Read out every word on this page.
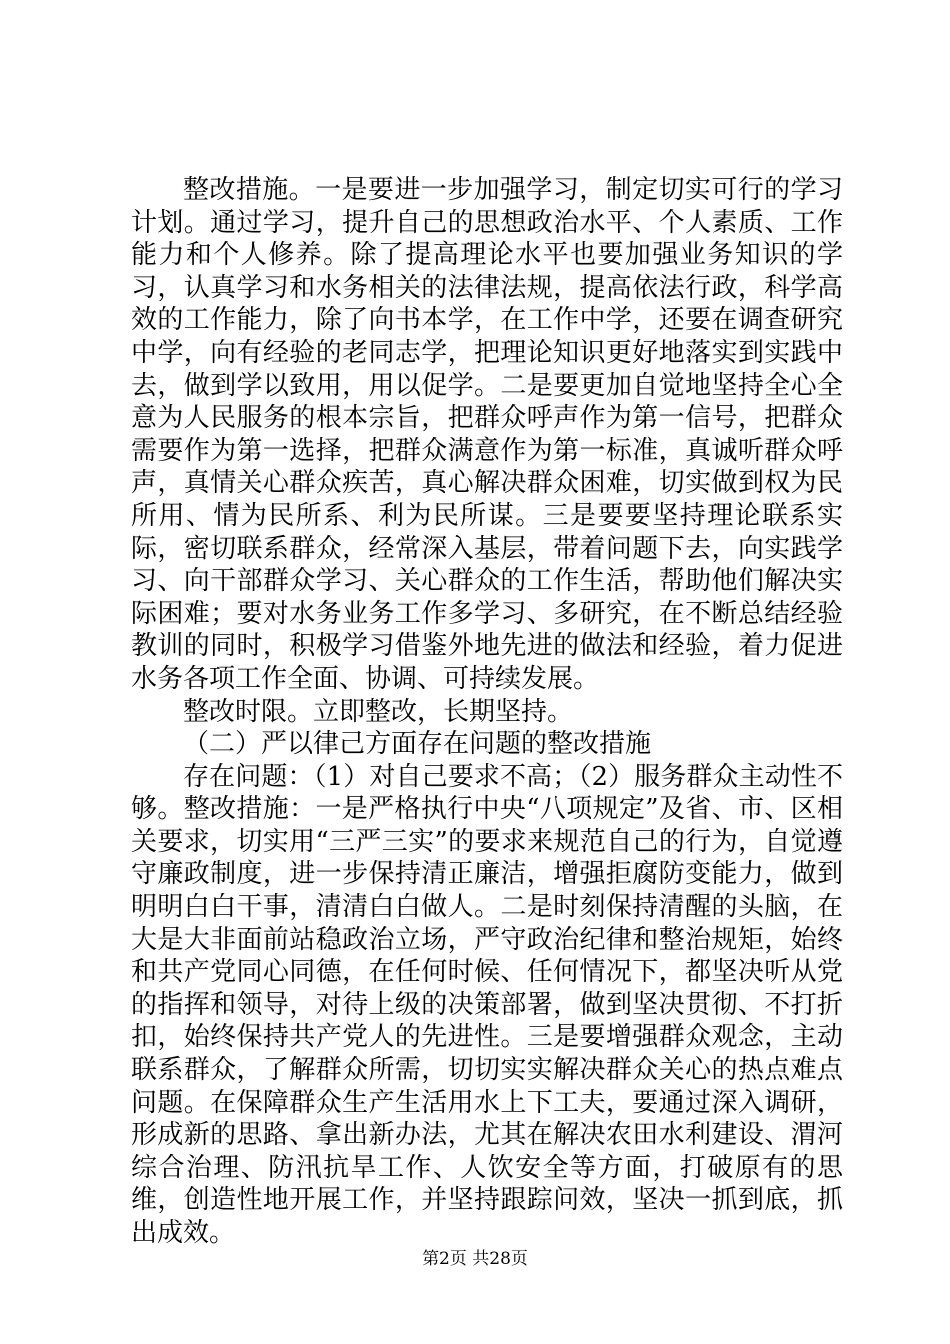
整改措施。一是要进一步加强学习，制定切实可行的学习计划。通过学习，提升自己的思想政治水平、个人素质、工作能力和个人修养。除了提高理论水平也要加强业务知识的学习，认真学习和水务相关的法律法规，提高依法行政，科学高效的工作能力，除了向书本学，在工作中学，还要在调查研究中学，向有经验的老同志学，把理论知识更好地落实到实践中去，做到学以致用，用以促学。二是要更加自觉地坚持全心全意为人民服务的根本宗旨，把群众呼声作为第一信号，把群众需要作为第一选择，把群众满意作为第一标准，真诚听群众呼声，真情关心群众疾苦，真心解决群众困难，切实做到权为民所用、情为民所系、利为民所谋。三是要要坚持理论联系实际，密切联系群众，经常深入基层，带着问题下去，向实践学习、向干部群众学习、关心群众的工作生活，帮助他们解决实际困难；要对水务业务工作多学习、多研究，在不断总结经验教训的同时，积极学习借鉴外地先进的做法和经验，着力促进水务各项工作全面、协调、可持续发展。

整改时限。立即整改，长期坚持。

（二）严以律己方面存在问题的整改措施

存在问题：（1）对自己要求不高；（2）服务群众主动性不够。整改措施：一是严格执行中央“八项规定”及省、市、区相关要求，切实用“三严三实”的要求来规范自己的行为，自觉遵守廉政制度，进一步保持清正廉洁，增强拒腐防变能力，做到明明白白干事，清清白白做人。二是时刻保持清醒的头脑，在大是大非面前站稳政治立场，严守政治纪律和整治规矩，始终和共产党同心同德，在任何时候、任何情况下，都坚决听从党的指挥和领导，对待上级的决策部署，做到坚决贯彻、不打折扣，始终保持共产党人的先进性。三是要增强群众观念，主动联系群众，了解群众所需，切切实实解决群众关心的热点难点问题。在保障群众生产生活用水上下工夫，要通过深入调研，形成新的思路、拿出新办法，尤其在解决农田水利建设、渭河综合治理、防汛抗旱工作、人饮安全等方面，打破原有的思维，创造性地开展工作，并坚持跟踪问效，坚决一抓到底，抓出成效。

第2页 共28页
